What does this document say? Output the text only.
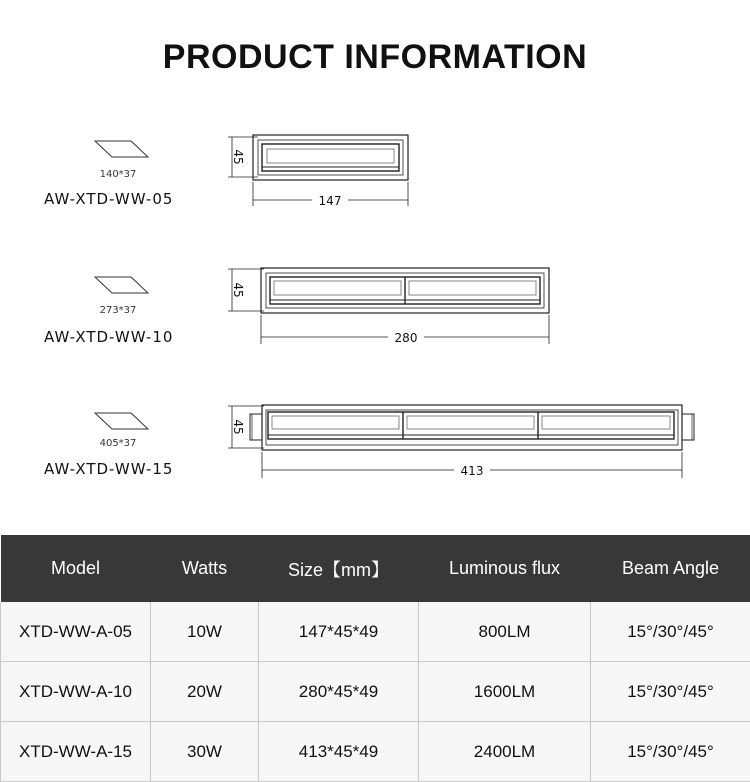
PRODUCT INFORMATION
140*37
AW-XTD-WW-05
45
147
273*37
AW-XTD-WW-10
45
280
405*37
AW-XTD-WW-15
45
413
Model	Watts	Size【mm】	Luminous flux	Beam Angle
XTD-WW-A-05	10W	147*45*49	800LM	15°/30°/45°
XTD-WW-A-10	20W	280*45*49	1600LM	15°/30°/45°
XTD-WW-A-15	30W	413*45*49	2400LM	15°/30°/45°
